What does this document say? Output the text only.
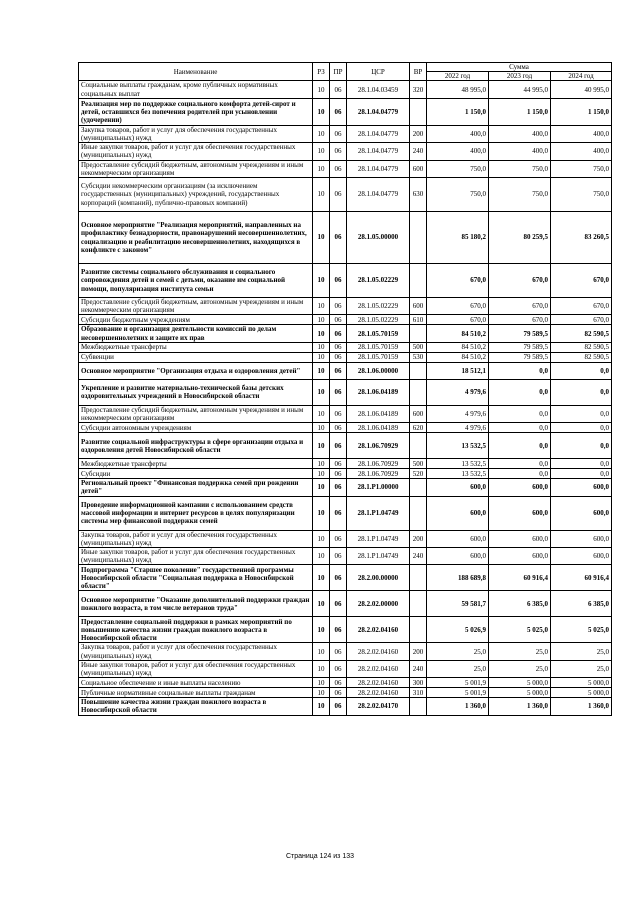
Наименование	РЗ	ПР	ЦСР	ВР	Сумма		
					2022 год	2023 год	2024 год
Социальные выплаты гражданам, кроме публичных нормативных социальных выплат	10	06	28.1.04.03459	320	48 995,0	44 995,0	40 995,0
Реализация мер по поддержке социального комфорта детей-сирот и детей, оставшихся без попечения родителей при усыновлении (удочерении)	10	06	28.1.04.04779		1 150,0	1 150,0	1 150,0
Закупка товаров, работ и услуг для обеспечения государственных (муниципальных) нужд	10	06	28.1.04.04779	200	400,0	400,0	400,0
Иные закупки товаров, работ и услуг для обеспечения государственных (муниципальных) нужд	10	06	28.1.04.04779	240	400,0	400,0	400,0
Предоставление субсидий бюджетным, автономным учреждениям и иным некоммерческим организациям	10	06	28.1.04.04779	600	750,0	750,0	750,0
Субсидии некоммерческим организациям (за исключением государственных (муниципальных) учреждений, государственных корпораций (компаний), публично-правовых компаний)	10	06	28.1.04.04779	630	750,0	750,0	750,0
Основное мероприятие "Реализация мероприятий, направленных на профилактику безнадзорности, правонарушений несовершеннолетних, социализацию и реабилитацию несовершеннолетних, находящихся в конфликте с законом"	10	06	28.1.05.00000		85 180,2	80 259,5	83 260,5
Развитие системы социального обслуживания и социального сопровождения детей и семей с детьми, оказание им социальной помощи, популяризация института семьи	10	06	28.1.05.02229		670,0	670,0	670,0
Предоставление субсидий бюджетным, автономным учреждениям и иным некоммерческим организациям	10	06	28.1.05.02229	600	670,0	670,0	670,0
Субсидии бюджетным учреждениям	10	06	28.1.05.02229	610	670,0	670,0	670,0
Образование и организация деятельности комиссий по делам несовершеннолетних и защите их прав	10	06	28.1.05.70159		84 510,2	79 589,5	82 590,5
Межбюджетные трансферты	10	06	28.1.05.70159	500	84 510,2	79 589,5	82 590,5
Субвенции	10	06	28.1.05.70159	530	84 510,2	79 589,5	82 590,5
Основное мероприятие "Организация отдыха и оздоровления детей"	10	06	28.1.06.00000		18 512,1	0,0	0,0
Укрепление и развитие материально-технической базы детских оздоровительных учреждений в Новосибирской области	10	06	28.1.06.04189		4 979,6	0,0	0,0
Предоставление субсидий бюджетным, автономным учреждениям и иным некоммерческим организациям	10	06	28.1.06.04189	600	4 979,6	0,0	0,0
Субсидии автономным учреждениям	10	06	28.1.06.04189	620	4 979,6	0,0	0,0
Развитие социальной инфраструктуры в сфере организации отдыха и оздоровления детей Новосибирской области	10	06	28.1.06.70929		13 532,5	0,0	0,0
Межбюджетные трансферты	10	06	28.1.06.70929	500	13 532,5	0,0	0,0
Субсидии	10	06	28.1.06.70929	520	13 532,5	0,0	0,0
Региональный проект "Финансовая поддержка семей при рождении детей"	10	06	28.1.P1.00000		600,0	600,0	600,0
Проведение информационной кампании с использованием средств массовой информации и интернет ресурсов в целях популяризации системы мер финансовой поддержки семей	10	06	28.1.P1.04749		600,0	600,0	600,0
Закупка товаров, работ и услуг для обеспечения государственных (муниципальных) нужд	10	06	28.1.P1.04749	200	600,0	600,0	600,0
Иные закупки товаров, работ и услуг для обеспечения государственных (муниципальных) нужд	10	06	28.1.P1.04749	240	600,0	600,0	600,0
Подпрограмма "Старшее поколение" государственной программы Новосибирской области "Социальная поддержка в Новосибирской области"	10	06	28.2.00.00000		188 689,8	60 916,4	60 916,4
Основное мероприятие "Оказание дополнительной поддержки граждан пожилого возраста, в том числе ветеранов труда"	10	06	28.2.02.00000		59 581,7	6 385,0	6 385,0
Предоставление социальной поддержки в рамках мероприятий по повышению качества жизни граждан пожилого возраста в Новосибирской области	10	06	28.2.02.04160		5 026,9	5 025,0	5 025,0
Закупка товаров, работ и услуг для обеспечения государственных (муниципальных) нужд	10	06	28.2.02.04160	200	25,0	25,0	25,0
Иные закупки товаров, работ и услуг для обеспечения государственных (муниципальных) нужд	10	06	28.2.02.04160	240	25,0	25,0	25,0
Социальное обеспечение и иные выплаты населению	10	06	28.2.02.04160	300	5 001,9	5 000,0	5 000,0
Публичные нормативные социальные выплаты гражданам	10	06	28.2.02.04160	310	5 001,9	5 000,0	5 000,0
Повышение качества жизни граждан пожилого возраста в Новосибирской области	10	06	28.2.02.04170		1 360,0	1 360,0	1 360,0
Страница 124 из 133
